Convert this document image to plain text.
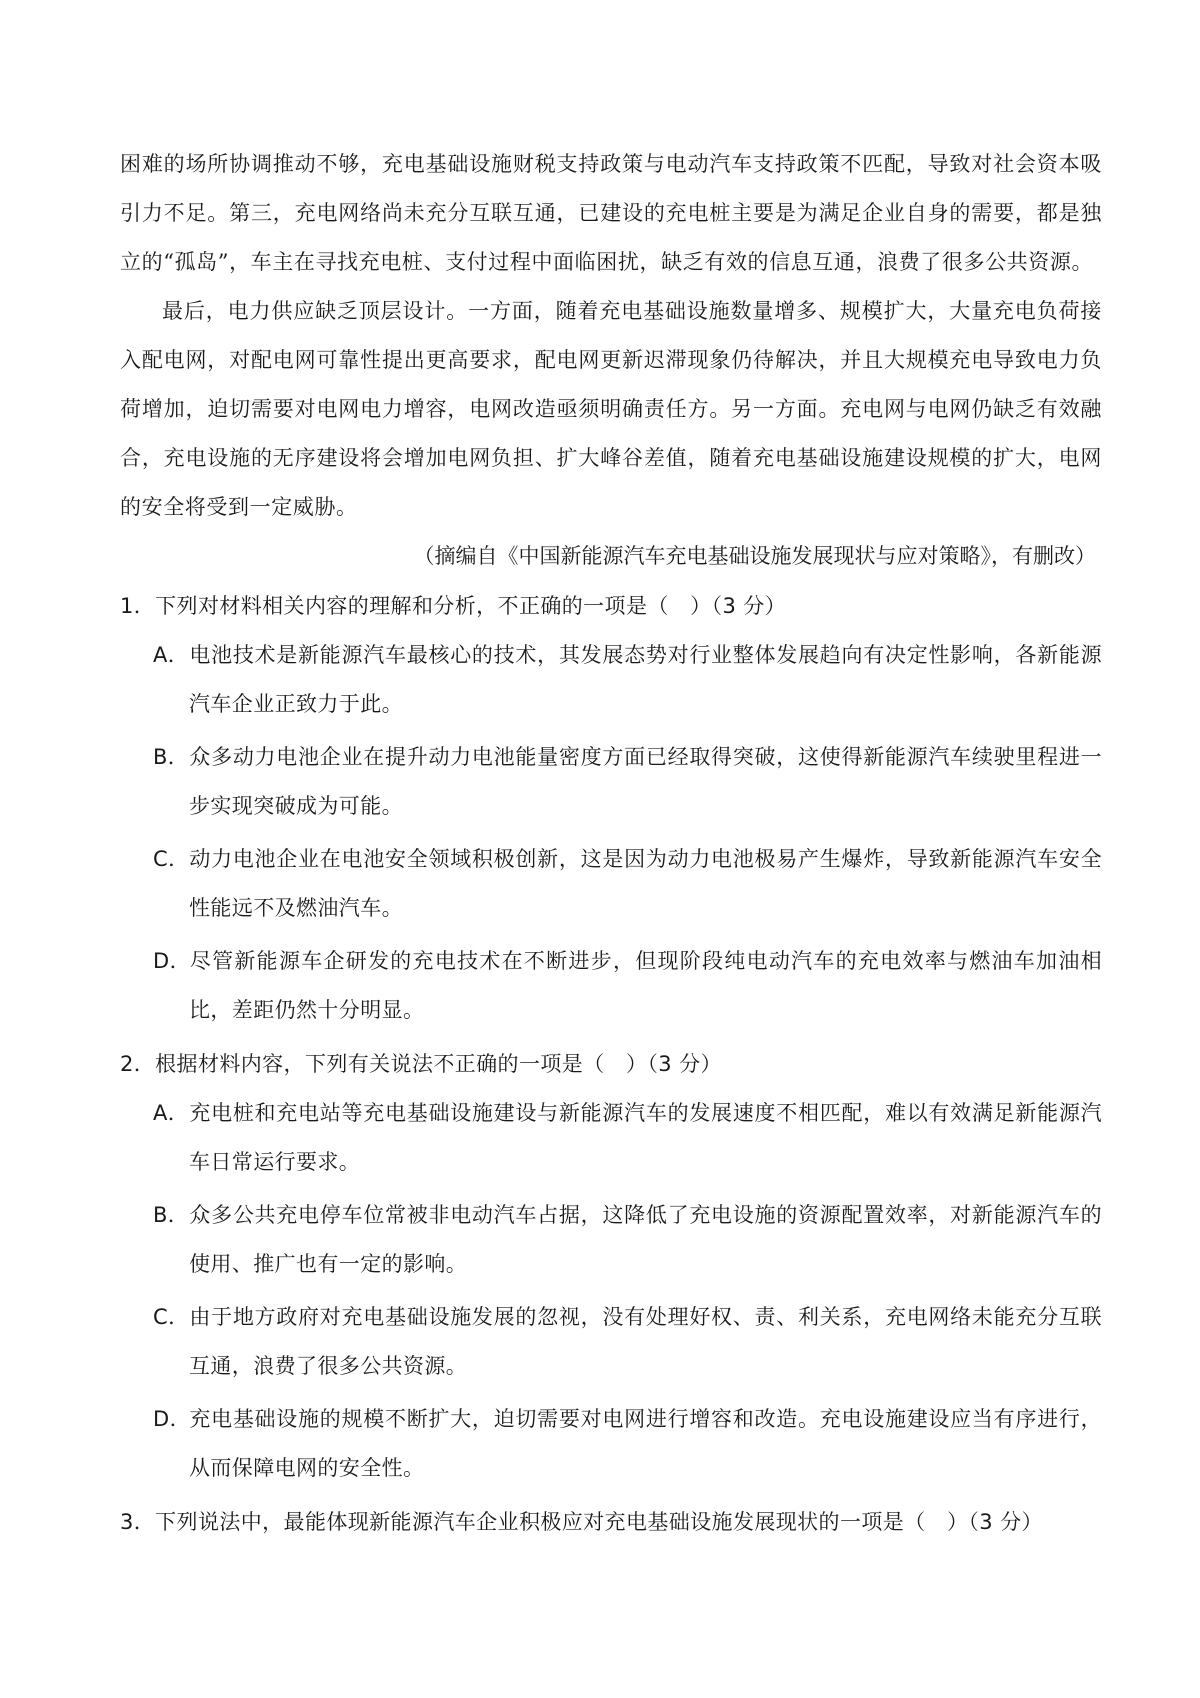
困难的场所协调推动不够，充电基础设施财税支持政策与电动汽车支持政策不匹配，导致对社会资本吸引力不足。第三，充电网络尚未充分互联互通，已建设的充电桩主要是为满足企业自身的需要，都是独立的“孤岛”，车主在寻找充电桩、支付过程中面临困扰，缺乏有效的信息互通，浪费了很多公共资源。

最后，电力供应缺乏顶层设计。一方面，随着充电基础设施数量增多、规模扩大，大量充电负荷接入配电网，对配电网可靠性提出更高要求，配电网更新迟滞现象仍待解决，并且大规模充电导致电力负荷增加，迫切需要对电网电力增容，电网改造亟须明确责任方。另一方面。充电网与电网仍缺乏有效融合，充电设施的无序建设将会增加电网负担、扩大峰谷差值，随着充电基础设施建设规模的扩大，电网的安全将受到一定威胁。

（摘编自《中国新能源汽车充电基础设施发展现状与应对策略》，有删改）

1．下列对材料相关内容的理解和分析，不正确的一项是（　）（3 分）

A．电池技术是新能源汽车最核心的技术，其发展态势对行业整体发展趋向有决定性影响，各新能源汽车企业正致力于此。
B．众多动力电池企业在提升动力电池能量密度方面已经取得突破，这使得新能源汽车续驶里程进一步实现突破成为可能。
C．动力电池企业在电池安全领域积极创新，这是因为动力电池极易产生爆炸，导致新能源汽车安全性能远不及燃油汽车。
D．尽管新能源车企研发的充电技术在不断进步，但现阶段纯电动汽车的充电效率与燃油车加油相比，差距仍然十分明显。

2．根据材料内容，下列有关说法不正确的一项是（　）（3 分）

A．充电桩和充电站等充电基础设施建设与新能源汽车的发展速度不相匹配，难以有效满足新能源汽车日常运行要求。
B．众多公共充电停车位常被非电动汽车占据，这降低了充电设施的资源配置效率，对新能源汽车的使用、推广也有一定的影响。
C．由于地方政府对充电基础设施发展的忽视，没有处理好权、责、利关系，充电网络未能充分互联互通，浪费了很多公共资源。
D．充电基础设施的规模不断扩大，迫切需要对电网进行增容和改造。充电设施建设应当有序进行，从而保障电网的安全性。

3．下列说法中，最能体现新能源汽车企业积极应对充电基础设施发展现状的一项是（　）（3 分）
